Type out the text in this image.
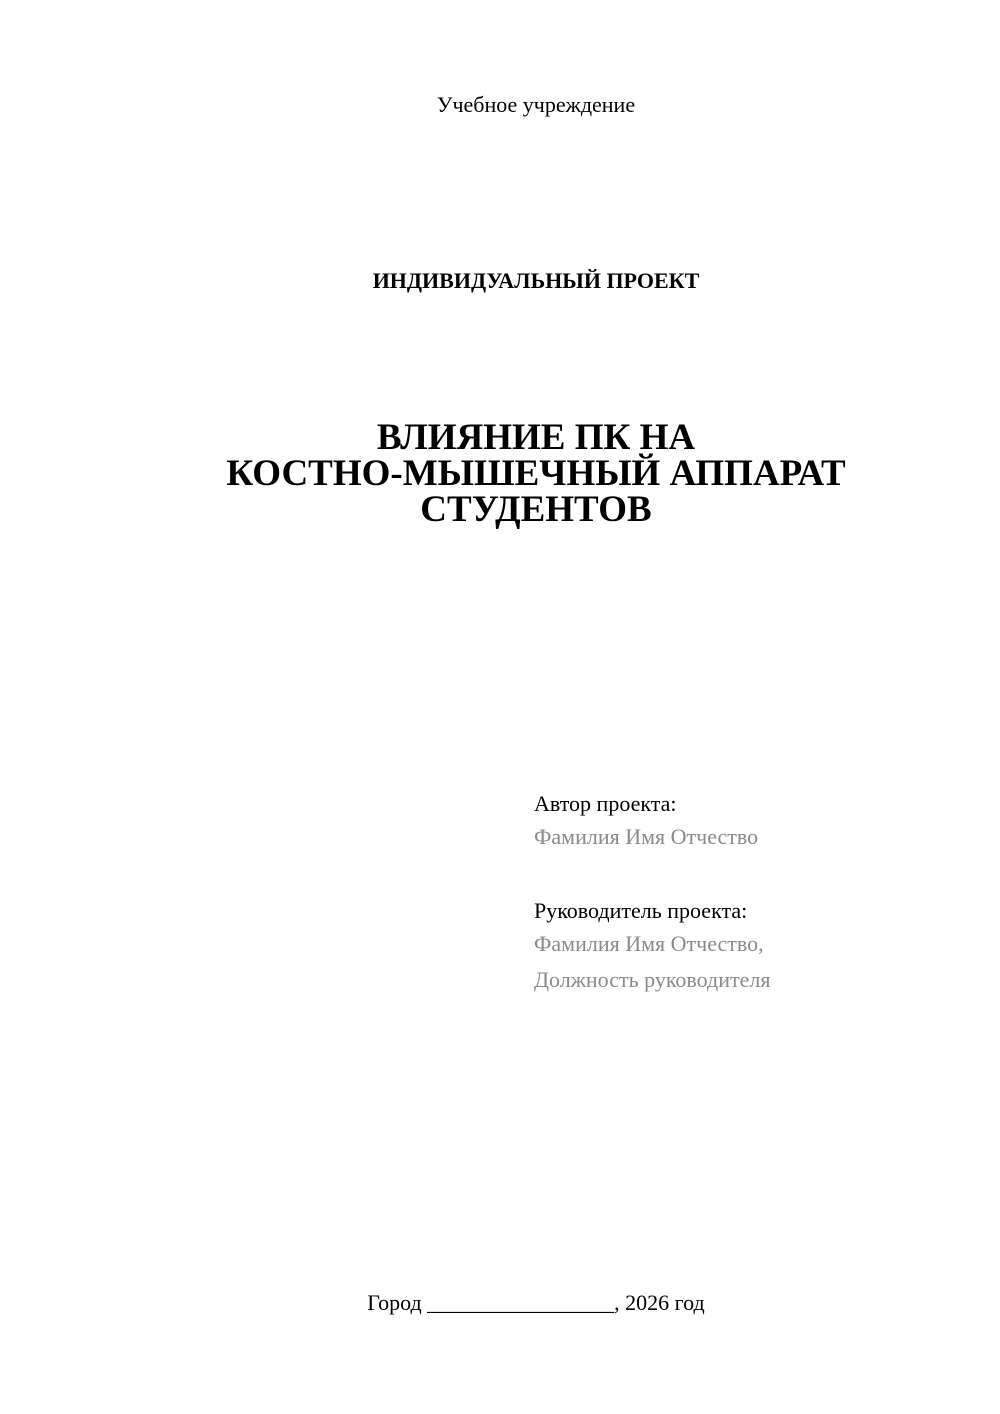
Учебное учреждение
ИНДИВИДУАЛЬНЫЙ ПРОЕКТ
ВЛИЯНИЕ ПК НА
КОСТНО-МЫШЕЧНЫЙ АППАРАТ
СТУДЕНТОВ
Автор проекта:
Фамилия Имя Отчество
Руководитель проекта:
Фамилия Имя Отчество,
Должность руководителя
Город _________________, 2026 год
